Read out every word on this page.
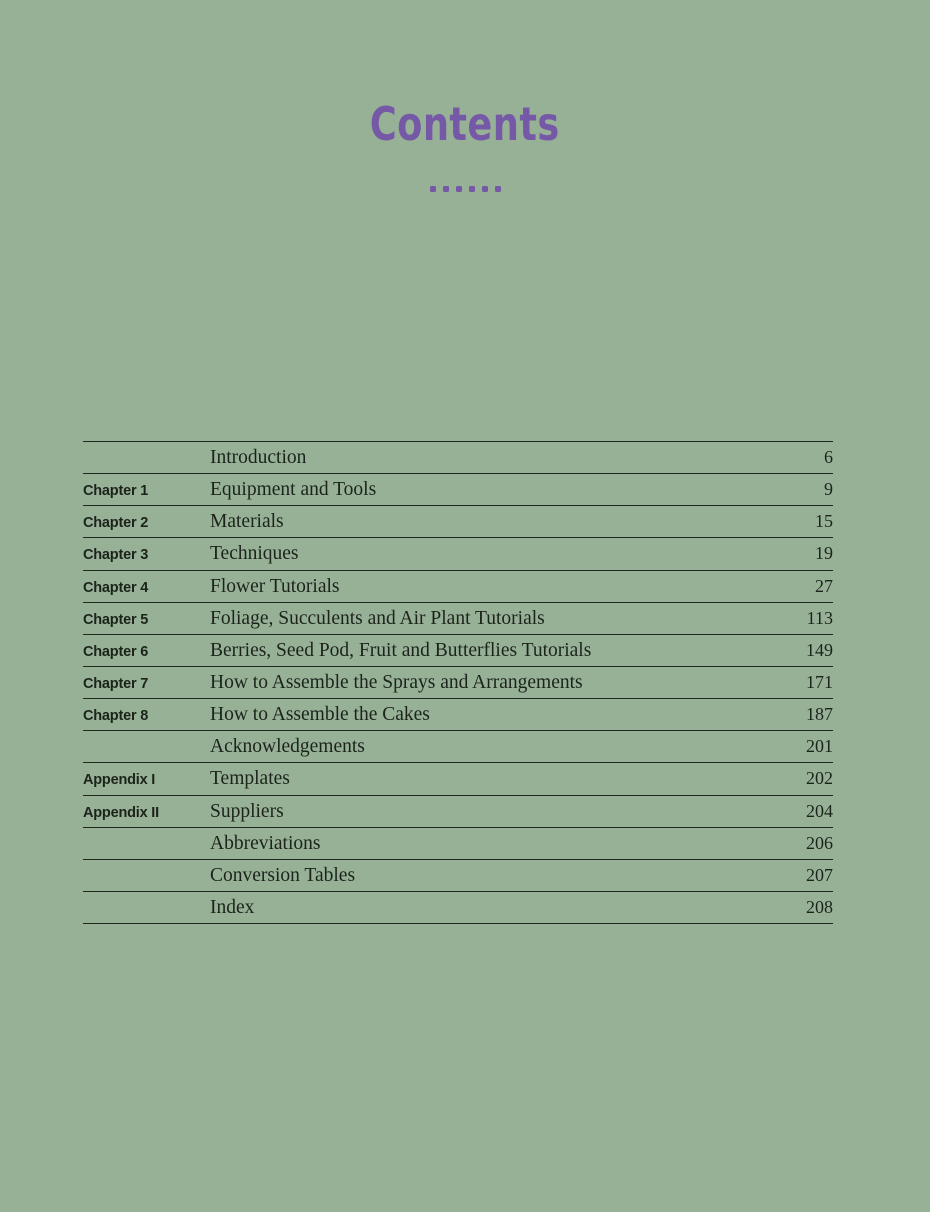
Contents
Introduction	6
Chapter 1	Equipment and Tools	9
Chapter 2	Materials	15
Chapter 3	Techniques	19
Chapter 4	Flower Tutorials	27
Chapter 5	Foliage, Succulents and Air Plant Tutorials	113
Chapter 6	Berries, Seed Pod, Fruit and Butterflies Tutorials	149
Chapter 7	How to Assemble the Sprays and Arrangements	171
Chapter 8	How to Assemble the Cakes	187
Acknowledgements	201
Appendix I	Templates	202
Appendix II	Suppliers	204
Abbreviations	206
Conversion Tables	207
Index	208
